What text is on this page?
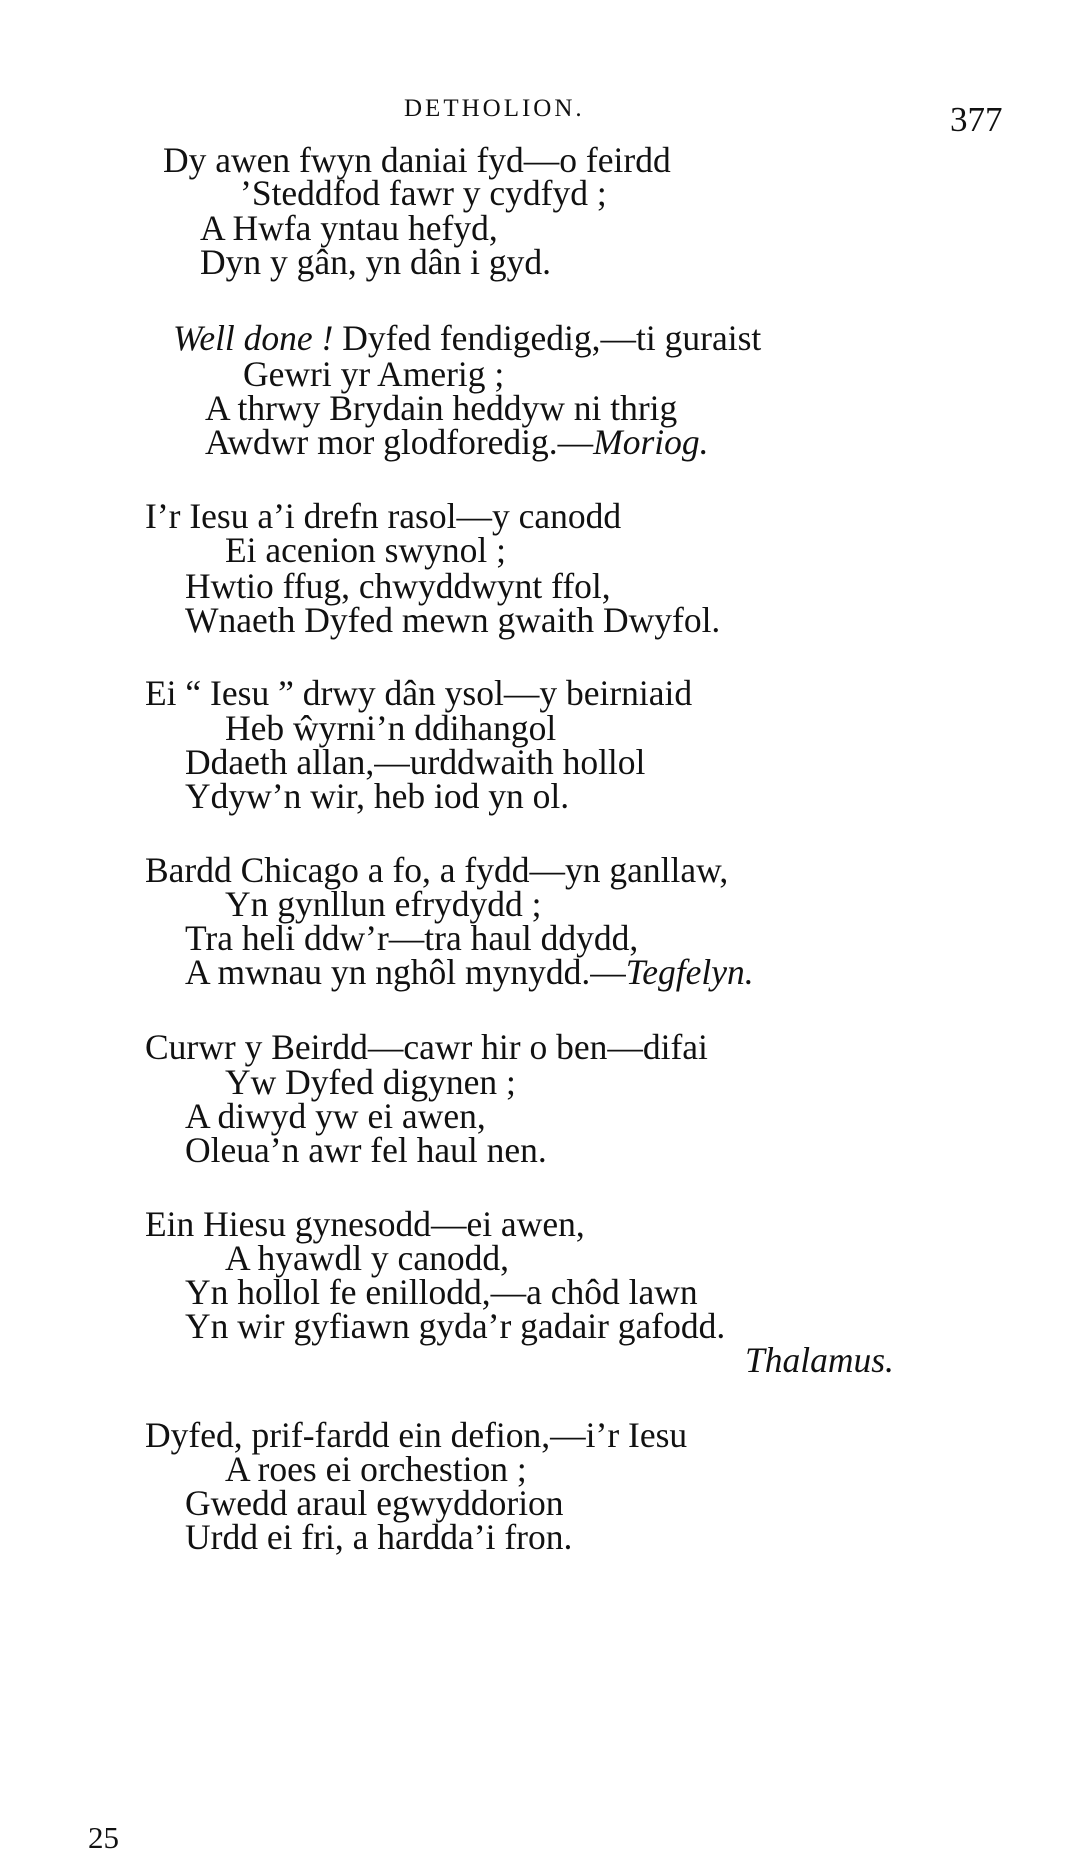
DETHOLION.	377
Dy awen fwyn daniai fyd—o feirdd
’Steddfod fawr y cydfyd ;
A Hwfa yntau hefyd,
Dyn y gân, yn dân i gyd.
Well done ! Dyfed fendigedig,—ti guraist
Gewri yr Amerig ;
A thrwy Brydain heddyw ni thrig
Awdwr mor glodforedig.—Moriog.
I’r Iesu a’i drefn rasol—y canodd
Ei acenion swynol ;
Hwtio ffug, chwyddwynt ffol,
Wnaeth Dyfed mewn gwaith Dwyfol.
Ei “ Iesu ” drwy dân ysol—y beirniaid
Heb ŵyrni’n ddihangol
Ddaeth allan,—urddwaith hollol
Ydyw’n wir, heb iod yn ol.
Bardd Chicago a fo, a fydd—yn ganllaw,
Yn gynllun efrydydd ;
Tra heli ddw’r—tra haul ddydd,
A mwnau yn nghôl mynydd.—Tegfelyn.
Curwr y Beirdd—cawr hir o ben—difai
Yw Dyfed digynen ;
A diwyd yw ei awen,
Oleua’n awr fel haul nen.
Ein Hiesu gynesodd—ei awen,
A hyawdl y canodd,
Yn hollol fe enillodd,—a chôd lawn
Yn wir gyfiawn gyda’r gadair gafodd.
Thalamus.
Dyfed, prif-fardd ein defion,—i’r Iesu
A roes ei orchestion ;
Gwedd araul egwyddorion
Urdd ei fri, a hardda’i fron.
25
